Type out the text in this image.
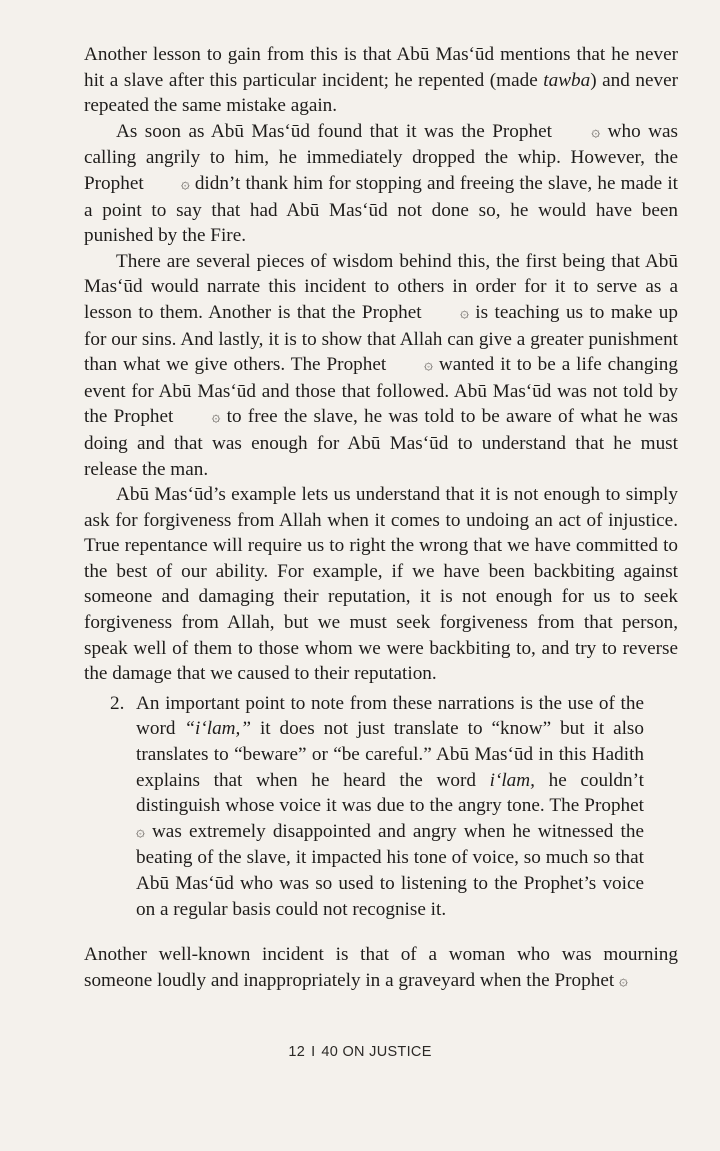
Another lesson to gain from this is that Abū Mas‘ūd mentions that he never hit a slave after this particular incident; he repented (made tawba) and never repeated the same mistake again.

As soon as Abū Mas‘ūd found that it was the Prophet ۞ who was calling angrily to him, he immediately dropped the whip. However, the Prophet ۞ didn’t thank him for stopping and freeing the slave, he made it a point to say that had Abū Mas‘ūd not done so, he would have been punished by the Fire.

There are several pieces of wisdom behind this, the first being that Abū Mas‘ūd would narrate this incident to others in order for it to serve as a lesson to them. Another is that the Prophet ۞ is teaching us to make up for our sins. And lastly, it is to show that Allah can give a greater punishment than what we give others. The Prophet ۞ wanted it to be a life changing event for Abū Mas‘ūd and those that followed. Abū Mas‘ūd was not told by the Prophet ۞ to free the slave, he was told to be aware of what he was doing and that was enough for Abū Mas‘ūd to understand that he must release the man.

Abū Mas‘ūd’s example lets us understand that it is not enough to simply ask for forgiveness from Allah when it comes to undoing an act of injustice. True repentance will require us to right the wrong that we have committed to the best of our ability. For example, if we have been backbiting against someone and damaging their reputation, it is not enough for us to seek forgiveness from Allah, but we must seek forgiveness from that person, speak well of them to those whom we were backbiting to, and try to reverse the damage that we caused to their reputation.

2. An important point to note from these narrations is the use of the word “i‘lam,” it does not just translate to “know” but it also translates to “beware” or “be careful.” Abū Mas‘ūd in this Hadith explains that when he heard the word i‘lam, he couldn’t distinguish whose voice it was due to the angry tone. The Prophet ۞ was extremely disappointed and angry when he witnessed the beating of the slave, it impacted his tone of voice, so much so that Abū Mas‘ūd who was so used to listening to the Prophet’s voice on a regular basis could not recognise it.

Another well-known incident is that of a woman who was mourning someone loudly and inappropriately in a graveyard when the Prophet ۞

12 I 40 ON JUSTICE
